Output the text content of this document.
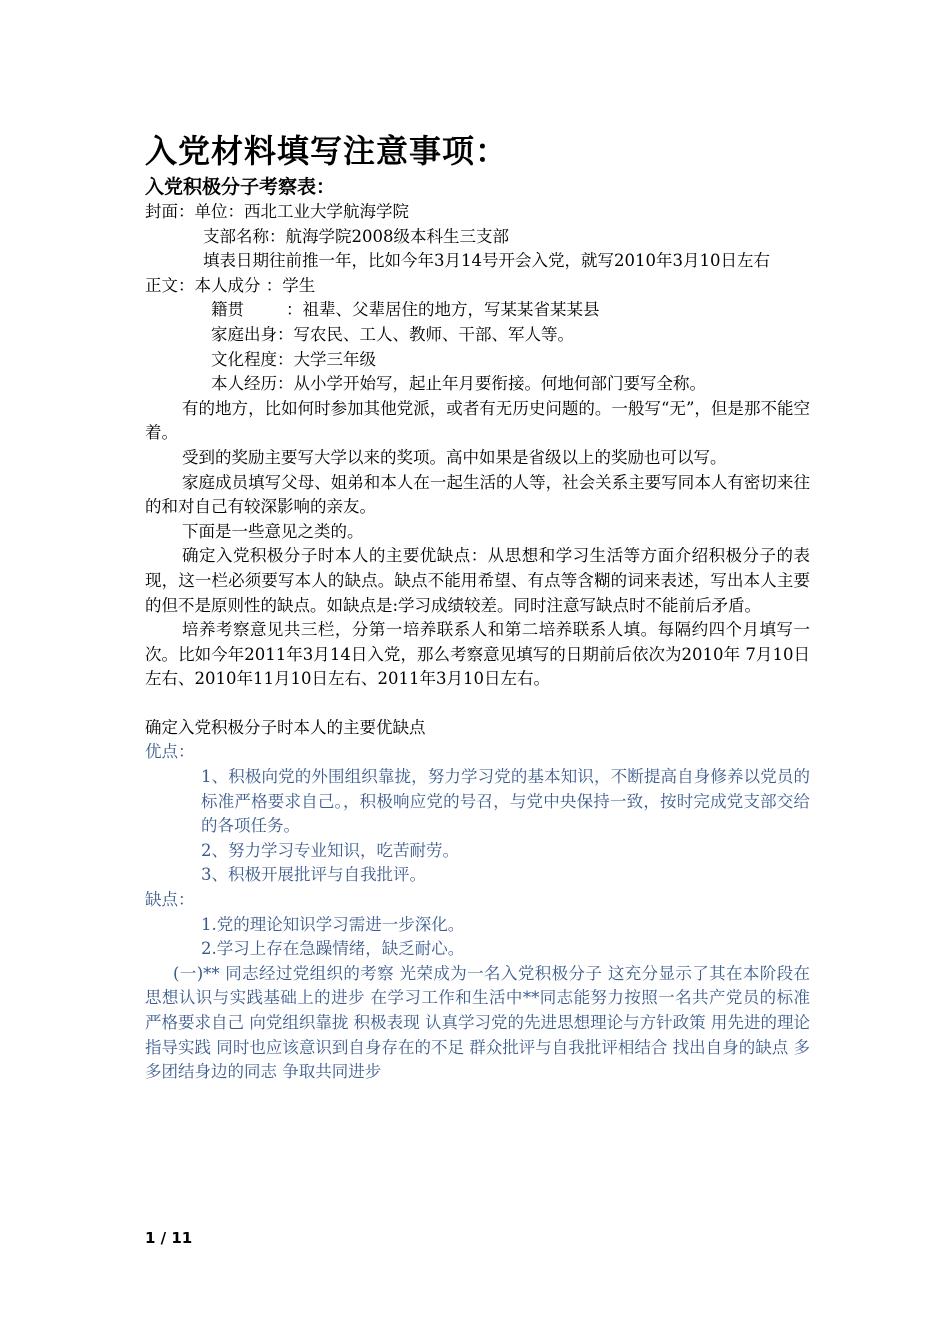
入党材料填写注意事项：
入党积极分子考察表：

封面：单位：西北工业大学航海学院

支部名称：航海学院2008级本科生三支部

填表日期往前推一年，比如今年3月14号开会入党，就写2010年3月10日左右

正文：本人成分 ：学生

籍贯        ：祖辈、父辈居住的地方，写某某省某某县

家庭出身：写农民、工人、教师、干部、军人等。

文化程度：大学三年级

本人经历：从小学开始写，起止年月要衔接。何地何部门要写全称。

有的地方，比如何时参加其他党派，或者有无历史问题的。一般写“无”，但是那不能空着。

受到的奖励主要写大学以来的奖项。高中如果是省级以上的奖励也可以写。

家庭成员填写父母、姐弟和本人在一起生活的人等，社会关系主要写同本人有密切来往的和对自己有较深影响的亲友。

下面是一些意见之类的。

确定入党积极分子时本人的主要优缺点：从思想和学习生活等方面介绍积极分子的表现，这一栏必须要写本人的缺点。缺点不能用希望、有点等含糊的词来表述，写出本人主要的但不是原则性的缺点。如缺点是:学习成绩较差。同时注意写缺点时不能前后矛盾。

培养考察意见共三栏，分第一培养联系人和第二培养联系人填。每隔约四个月填写一次。比如今年2011年3月14日入党，那么考察意见填写的日期前后依次为2010年 7月10日左右、2010年11月10日左右、2011年3月10日左右。

确定入党积极分子时本人的主要优缺点

优点：

1、积极向党的外围组织靠拢，努力学习党的基本知识，不断提高自身修养以党员的标准严格要求自己。，积极响应党的号召，与党中央保持一致，按时完成党支部交给的各项任务。

2、努力学习专业知识，吃苦耐劳。

3、积极开展批评与自我批评。

缺点：

1.党的理论知识学习需进一步深化。

2.学习上存在急躁情绪，缺乏耐心。

(一)** 同志经过党组织的考察 光荣成为一名入党积极分子 这充分显示了其在本阶段在思想认识与实践基础上的进步 在学习工作和生活中**同志能努力按照一名共产党员的标准严格要求自己 向党组织靠拢 积极表现 认真学习党的先进思想理论与方针政策 用先进的理论指导实践 同时也应该意识到自身存在的不足 群众批评与自我批评相结合 找出自身的缺点 多多团结身边的同志 争取共同进步

1 / 11
